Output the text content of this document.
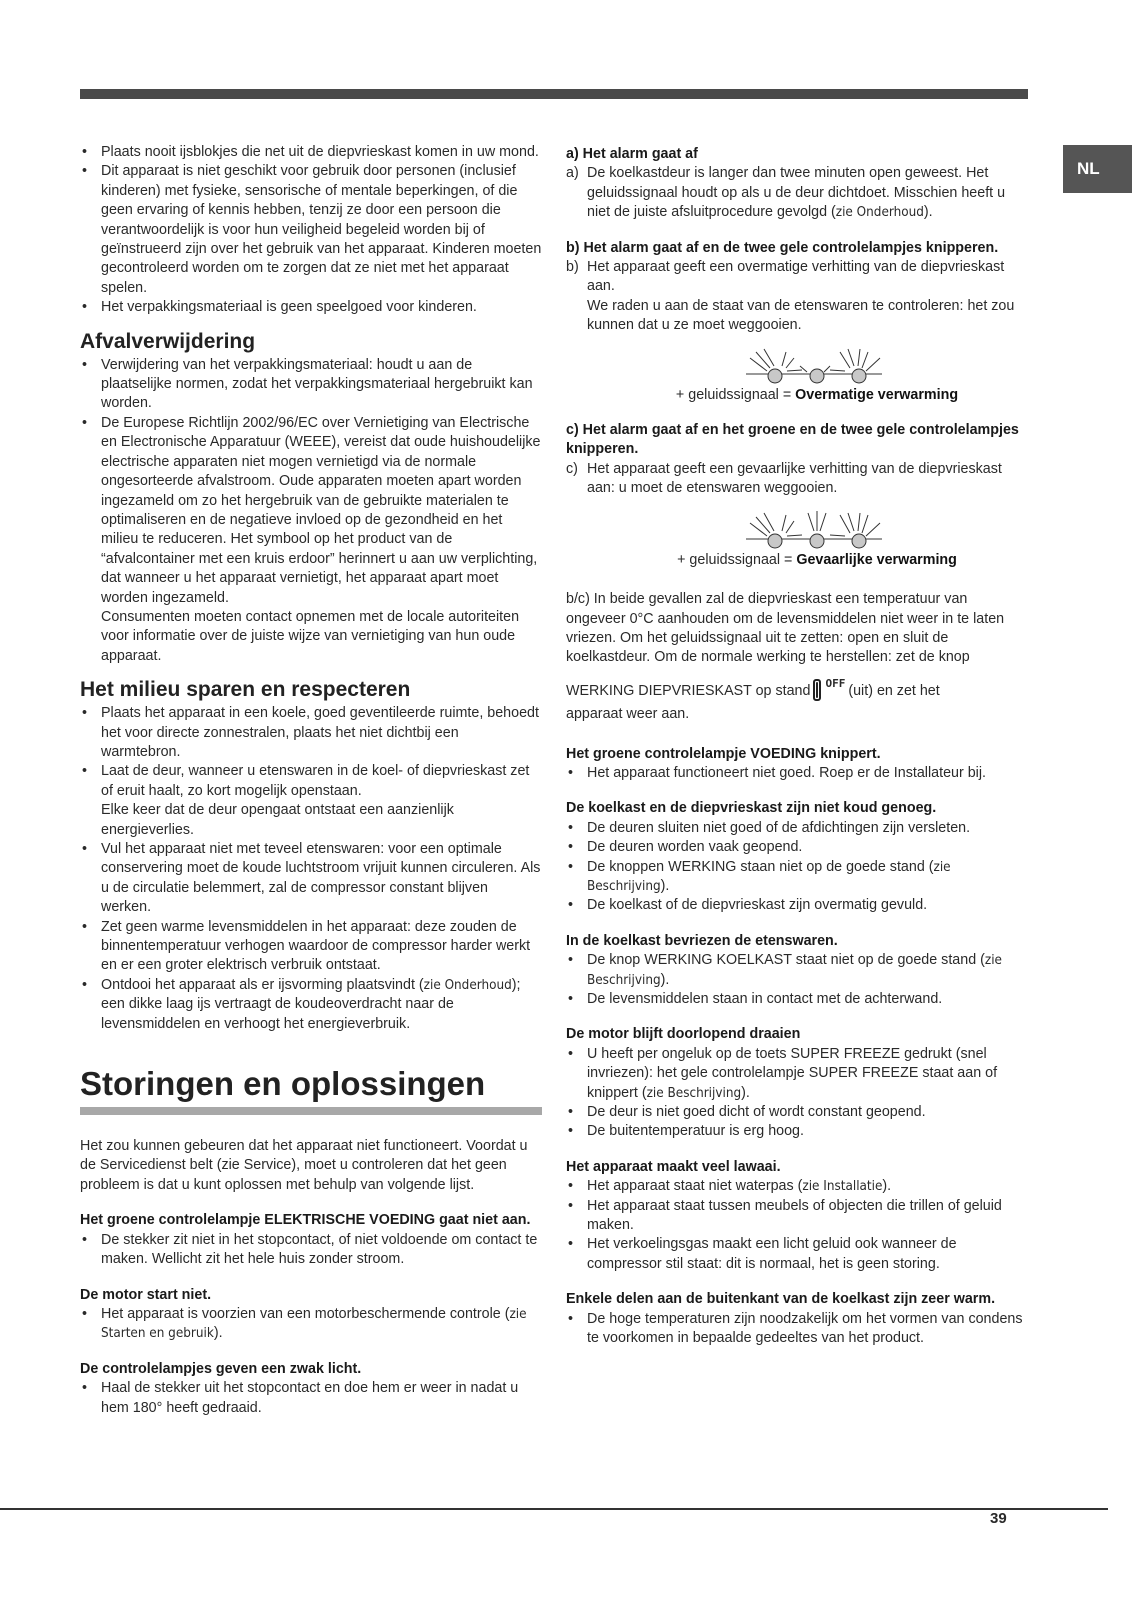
NL
• Plaats nooit ijsblokjes die net uit de diepvrieskast komen in uw mond.
• Dit apparaat is niet geschikt voor gebruik door personen (inclusief kinderen) met fysieke, sensorische of mentale beperkingen, of die geen ervaring of kennis hebben, tenzij ze door een persoon die verantwoordelijk is voor hun veiligheid begeleid worden bij of geïnstrueerd zijn over het gebruik van het apparaat. Kinderen moeten gecontroleerd worden om te zorgen dat ze niet met het apparaat spelen.
• Het verpakkingsmateriaal is geen speelgoed voor kinderen.
Afvalverwijdering
• Verwijdering van het verpakkingsmateriaal: houdt u aan de plaatselijke normen, zodat het verpakkingsmateriaal hergebruikt kan worden.
• De Europese Richtlijn 2002/96/EC over Vernietiging van Electrische en Electronische Apparatuur (WEEE), vereist dat oude huishoudelijke electrische apparaten niet mogen vernietigd via de normale ongesorteerde afvalstroom. Oude apparaten moeten apart worden ingezameld om zo het hergebruik van de gebruikte materialen te optimaliseren en de negatieve invloed op de gezondheid en het milieu te reduceren. Het symbool op het product van de “afvalcontainer met een kruis erdoor” herinnert u aan uw verplichting, dat wanneer u het apparaat vernietigt, het apparaat apart moet worden ingezameld.
Consumenten moeten contact opnemen met de locale autoriteiten voor informatie over de juiste wijze van vernietiging van hun oude apparaat.
Het milieu sparen en respecteren
• Plaats het apparaat in een koele, goed geventileerde ruimte, behoedt het voor directe zonnestralen, plaats het niet dichtbij een warmtebron.
• Laat de deur, wanneer u etenswaren in de koel- of diepvrieskast zet of eruit haalt, zo kort mogelijk openstaan.
Elke keer dat de deur opengaat ontstaat een aanzienlijk energieverlies.
• Vul het apparaat niet met teveel etenswaren: voor een optimale conservering moet de koude luchtstroom vrijuit kunnen circuleren. Als u de circulatie belemmert, zal de compressor constant blijven werken.
• Zet geen warme levensmiddelen in het apparaat: deze zouden de binnentemperatuur verhogen waardoor de compressor harder werkt en er een groter elektrisch verbruik ontstaat.
• Ontdooi het apparaat als er ijsvorming plaatsvindt (zie Onderhoud); een dikke laag ijs vertraagt de koudeoverdracht naar de levensmiddelen en verhoogt het energieverbruik.
Storingen en oplossingen
Het zou kunnen gebeuren dat het apparaat niet functioneert. Voordat u de Servicedienst belt (zie Service), moet u controleren dat het geen probleem is dat u kunt oplossen met behulp van volgende lijst.
Het groene controlelampje ELEKTRISCHE VOEDING gaat niet aan.
• De stekker zit niet in het stopcontact, of niet voldoende om contact te maken. Wellicht zit het hele huis zonder stroom.
De motor start niet.
• Het apparaat is voorzien van een motorbeschermende controle (zie Starten en gebruik).
De controlelampjes geven een zwak licht.
• Haal de stekker uit het stopcontact en doe hem er weer in nadat u hem 180° heeft gedraaid.
a) Het alarm gaat af
a) De koelkastdeur is langer dan twee minuten open geweest. Het geluidssignaal houdt op als u de deur dichtdoet. Misschien heeft u niet de juiste afsluitprocedure gevolgd (zie Onderhoud).
b) Het alarm gaat af en de twee gele controlelampjes knipperen.
b) Het apparaat geeft een overmatige verhitting van de diepvrieskast aan.
We raden u aan de staat van de etenswaren te controleren: het zou kunnen dat u ze moet weggooien.
+ geluidssignaal = Overmatige verwarming
c) Het alarm gaat af en het groene en de twee gele controlelampjes knipperen.
c) Het apparaat geeft een gevaarlijke verhitting van de diepvrieskast aan: u moet de etenswaren weggooien.
+ geluidssignaal = Gevaarlijke verwarming
b/c) In beide gevallen zal de diepvrieskast een temperatuur van ongeveer 0°C aanhouden om de levensmiddelen niet weer in te laten vriezen. Om het geluidssignaal uit te zetten: open en sluit de koelkastdeur. Om de normale werking te herstellen: zet de knop
WERKING DIEPVRIESKAST op stand $^{OFF}$ (uit) en zet het
apparaat weer aan.
Het groene controlelampje VOEDING knippert.
• Het apparaat functioneert niet goed. Roep er de Installateur bij.
De koelkast en de diepvrieskast zijn niet koud genoeg.
• De deuren sluiten niet goed of de afdichtingen zijn versleten.
• De deuren worden vaak geopend.
• De knoppen WERKING staan niet op de goede stand (zie Beschrijving).
• De koelkast of de diepvrieskast zijn overmatig gevuld.
In de koelkast bevriezen de etenswaren.
• De knop WERKING KOELKAST staat niet op de goede stand (zie Beschrijving).
• De levensmiddelen staan in contact met de achterwand.
De motor blijft doorlopend draaien
• U heeft per ongeluk op de toets SUPER FREEZE gedrukt (snel invriezen): het gele controlelampje SUPER FREEZE staat aan of knippert (zie Beschrijving).
• De deur is niet goed dicht of wordt constant geopend.
• De buitentemperatuur is erg hoog.
Het apparaat maakt veel lawaai.
• Het apparaat staat niet waterpas (zie Installatie).
• Het apparaat staat tussen meubels of objecten die trillen of geluid maken.
• Het verkoelingsgas maakt een licht geluid ook wanneer de compressor stil staat: dit is normaal, het is geen storing.
Enkele delen aan de buitenkant van de koelkast zijn zeer warm.
• De hoge temperaturen zijn noodzakelijk om het vormen van condens te voorkomen in bepaalde gedeeltes van het product.
39
